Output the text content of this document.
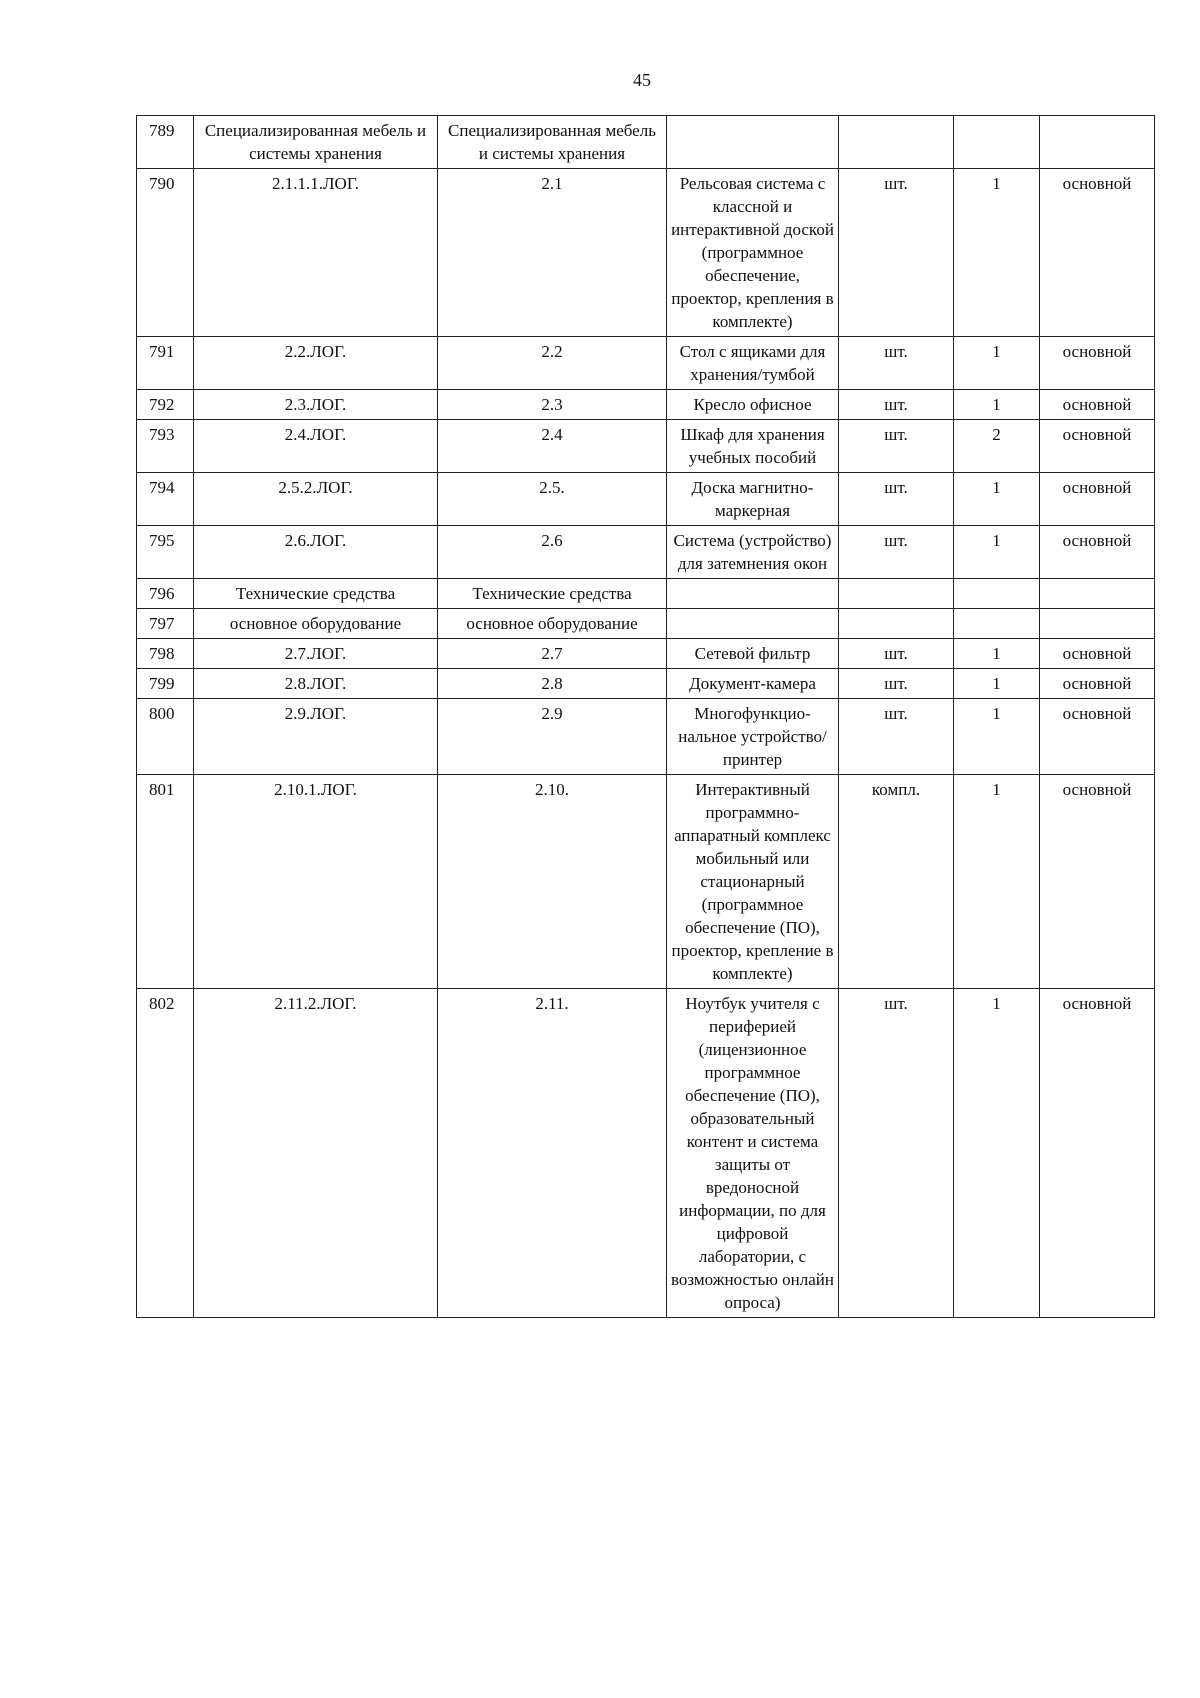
45
789	Специализированная мебель и системы хранения	Специализированная мебель и системы хранения				
790	2.1.1.1.ЛОГ.	2.1	Рельсовая система с классной и интерактивной доской (программное обеспечение, проектор, крепления в комплекте)	шт.	1	основной
791	2.2.ЛОГ.	2.2	Стол с ящиками для хранения/тумбой	шт.	1	основной
792	2.3.ЛОГ.	2.3	Кресло офисное	шт.	1	основной
793	2.4.ЛОГ.	2.4	Шкаф для хранения учебных пособий	шт.	2	основной
794	2.5.2.ЛОГ.	2.5.	Доска магнитно-маркерная	шт.	1	основной
795	2.6.ЛОГ.	2.6	Система (устройство) для затемнения окон	шт.	1	основной
796	Технические средства	Технические средства				
797	основное оборудование	основное оборудование				
798	2.7.ЛОГ.	2.7	Сетевой фильтр	шт.	1	основной
799	2.8.ЛОГ.	2.8	Документ-камера	шт.	1	основной
800	2.9.ЛОГ.	2.9	Многофункцио-нальное устройство/ принтер	шт.	1	основной
801	2.10.1.ЛОГ.	2.10.	Интерактивный программно-аппаратный комплекс мобильный или стационарный (программное обеспечение (ПО), проектор, крепление в комплекте)	компл.	1	основной
802	2.11.2.ЛОГ.	2.11.	Ноутбук учителя с периферией (лицензионное программное обеспечение (ПО), образовательный контент и система защиты от вредоносной информации, по для цифровой лаборатории, с возможностью онлайн опроса)	шт.	1	основной
